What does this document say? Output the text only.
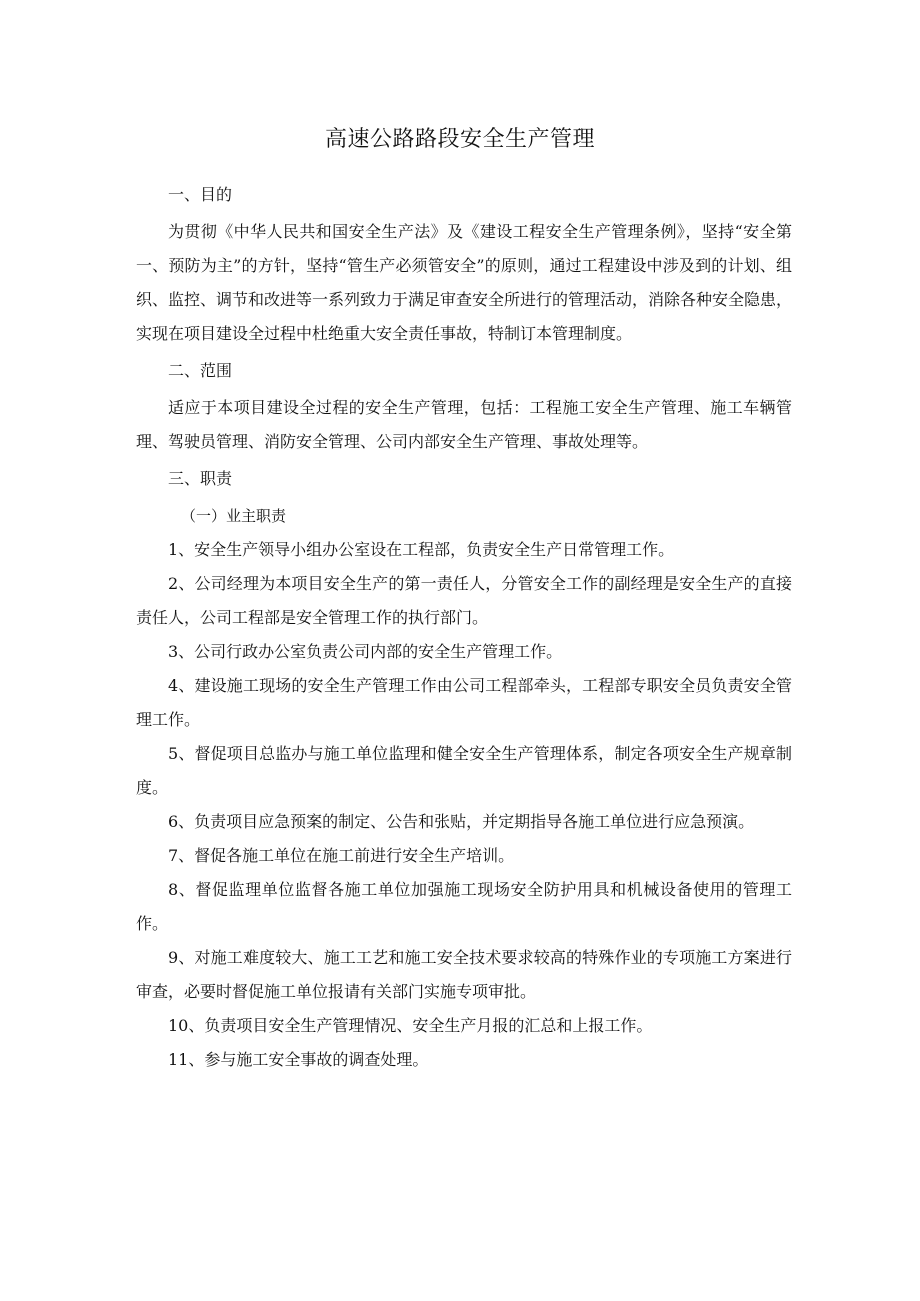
高速公路路段安全生产管理

一、目的

为贯彻《中华人民共和国安全生产法》及《建设工程安全生产管理条例》，坚持“安全第一、预防为主”的方针，坚持“管生产必须管安全”的原则，通过工程建设中涉及到的计划、组织、监控、调节和改进等一系列致力于满足审查安全所进行的管理活动，消除各种安全隐患，实现在项目建设全过程中杜绝重大安全责任事故，特制订本管理制度。

二、范围

适应于本项目建设全过程的安全生产管理，包括：工程施工安全生产管理、施工车辆管理、驾驶员管理、消防安全管理、公司内部安全生产管理、事故处理等。

三、职责

（一）业主职责

1、安全生产领导小组办公室设在工程部，负责安全生产日常管理工作。

2、公司经理为本项目安全生产的第一责任人，分管安全工作的副经理是安全生产的直接责任人，公司工程部是安全管理工作的执行部门。

3、公司行政办公室负责公司内部的安全生产管理工作。

4、建设施工现场的安全生产管理工作由公司工程部牵头，工程部专职安全员负责安全管理工作。

5、督促项目总监办与施工单位监理和健全安全生产管理体系，制定各项安全生产规章制度。

6、负责项目应急预案的制定、公告和张贴，并定期指导各施工单位进行应急预演。

7、督促各施工单位在施工前进行安全生产培训。

8、督促监理单位监督各施工单位加强施工现场安全防护用具和机械设备使用的管理工作。

9、对施工难度较大、施工工艺和施工安全技术要求较高的特殊作业的专项施工方案进行审查，必要时督促施工单位报请有关部门实施专项审批。

10、负责项目安全生产管理情况、安全生产月报的汇总和上报工作。

11、参与施工安全事故的调查处理。
